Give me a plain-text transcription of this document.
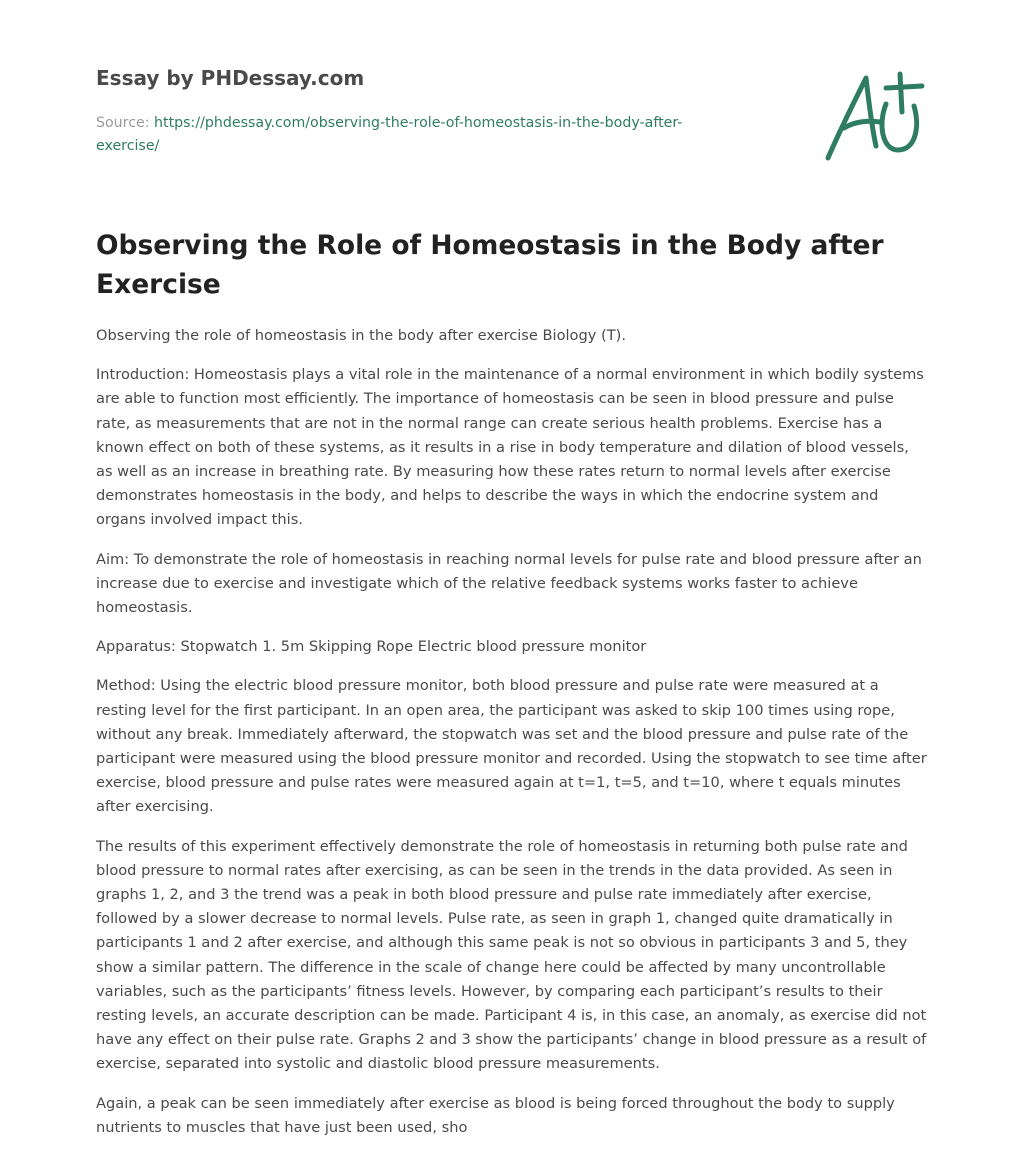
Essay by PHDessay.com
Source: https://phdessay.com/observing-the-role-of-homeostasis-in-the-body-after-exercise/
Observing the Role of Homeostasis in the Body after Exercise

Observing the role of homeostasis in the body after exercise Biology (T).

Introduction: Homeostasis plays a vital role in the maintenance of a normal environment in which bodily systems are able to function most efficiently. The importance of homeostasis can be seen in blood pressure and pulse rate, as measurements that are not in the normal range can create serious health problems. Exercise has a known effect on both of these systems, as it results in a rise in body temperature and dilation of blood vessels, as well as an increase in breathing rate. By measuring how these rates return to normal levels after exercise demonstrates homeostasis in the body, and helps to describe the ways in which the endocrine system and organs involved impact this.

Aim: To demonstrate the role of homeostasis in reaching normal levels for pulse rate and blood pressure after an increase due to exercise and investigate which of the relative feedback systems works faster to achieve homeostasis.

Apparatus: Stopwatch 1. 5m Skipping Rope Electric blood pressure monitor

Method: Using the electric blood pressure monitor, both blood pressure and pulse rate were measured at a resting level for the first participant. In an open area, the participant was asked to skip 100 times using rope, without any break. Immediately afterward, the stopwatch was set and the blood pressure and pulse rate of the participant were measured using the blood pressure monitor and recorded. Using the stopwatch to see time after exercise, blood pressure and pulse rates were measured again at t=1, t=5, and t=10, where t equals minutes after exercising.

The results of this experiment effectively demonstrate the role of homeostasis in returning both pulse rate and blood pressure to normal rates after exercising, as can be seen in the trends in the data provided. As seen in graphs 1, 2, and 3 the trend was a peak in both blood pressure and pulse rate immediately after exercise, followed by a slower decrease to normal levels. Pulse rate, as seen in graph 1, changed quite dramatically in participants 1 and 2 after exercise, and although this same peak is not so obvious in participants 3 and 5, they show a similar pattern. The difference in the scale of change here could be affected by many uncontrollable variables, such as the participants’ fitness levels. However, by comparing each participant’s results to their resting levels, an accurate description can be made. Participant 4 is, in this case, an anomaly, as exercise did not have any effect on their pulse rate. Graphs 2 and 3 show the participants’ change in blood pressure as a result of exercise, separated into systolic and diastolic blood pressure measurements.

Again, a peak can be seen immediately after exercise as blood is being forced throughout the body to supply nutrients to muscles that have just been used, sho
